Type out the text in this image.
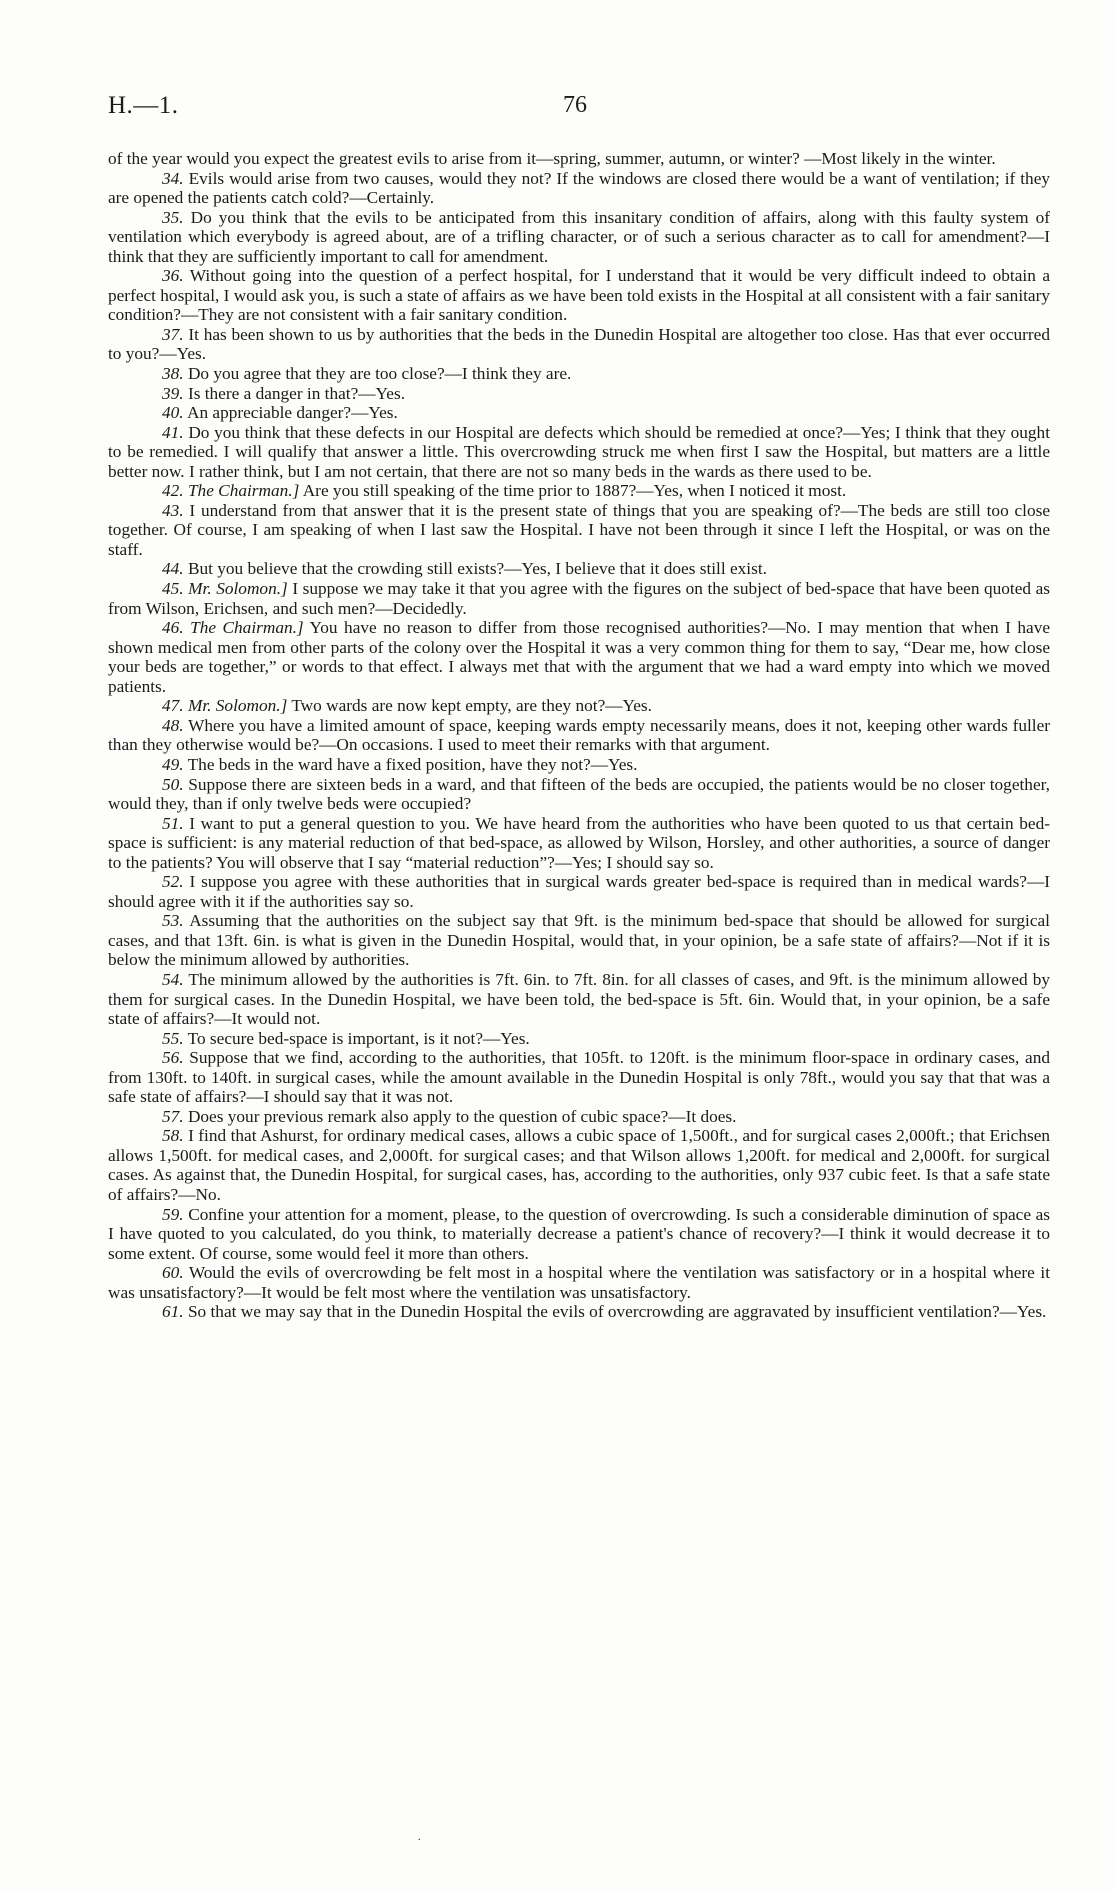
H.—1.	76

of the year would you expect the greatest evils to arise from it—spring, summer, autumn, or winter? —Most likely in the winter.

34. Evils would arise from two causes, would they not? If the windows are closed there would be a want of ventilation; if they are opened the patients catch cold?—Certainly.

35. Do you think that the evils to be anticipated from this insanitary condition of affairs, along with this faulty system of ventilation which everybody is agreed about, are of a trifling character, or of such a serious character as to call for amendment?—I think that they are sufficiently important to call for amendment.

36. Without going into the question of a perfect hospital, for I understand that it would be very difficult indeed to obtain a perfect hospital, I would ask you, is such a state of affairs as we have been told exists in the Hospital at all consistent with a fair sanitary condition?—They are not consistent with a fair sanitary condition.

37. It has been shown to us by authorities that the beds in the Dunedin Hospital are altogether too close. Has that ever occurred to you?—Yes.

38. Do you agree that they are too close?—I think they are.

39. Is there a danger in that?—Yes.

40. An appreciable danger?—Yes.

41. Do you think that these defects in our Hospital are defects which should be remedied at once?—Yes; I think that they ought to be remedied. I will qualify that answer a little. This overcrowding struck me when first I saw the Hospital, but matters are a little better now. I rather think, but I am not certain, that there are not so many beds in the wards as there used to be.

42. The Chairman.] Are you still speaking of the time prior to 1887?—Yes, when I noticed it most.

43. I understand from that answer that it is the present state of things that you are speaking of?—The beds are still too close together. Of course, I am speaking of when I last saw the Hospital. I have not been through it since I left the Hospital, or was on the staff.

44. But you believe that the crowding still exists?—Yes, I believe that it does still exist.

45. Mr. Solomon.] I suppose we may take it that you agree with the figures on the subject of bed-space that have been quoted as from Wilson, Erichsen, and such men?—Decidedly.

46. The Chairman.] You have no reason to differ from those recognised authorities?—No. I may mention that when I have shown medical men from other parts of the colony over the Hospital it was a very common thing for them to say, “Dear me, how close your beds are together,” or words to that effect. I always met that with the argument that we had a ward empty into which we moved patients.

47. Mr. Solomon.] Two wards are now kept empty, are they not?—Yes.

48. Where you have a limited amount of space, keeping wards empty necessarily means, does it not, keeping other wards fuller than they otherwise would be?—On occasions. I used to meet their remarks with that argument.

49. The beds in the ward have a fixed position, have they not?—Yes.

50. Suppose there are sixteen beds in a ward, and that fifteen of the beds are occupied, the patients would be no closer together, would they, than if only twelve beds were occupied?

51. I want to put a general question to you. We have heard from the authorities who have been quoted to us that certain bed-space is sufficient: is any material reduction of that bed-space, as allowed by Wilson, Horsley, and other authorities, a source of danger to the patients? You will observe that I say “material reduction”?—Yes; I should say so.

52. I suppose you agree with these authorities that in surgical wards greater bed-space is required than in medical wards?—I should agree with it if the authorities say so.

53. Assuming that the authorities on the subject say that 9ft. is the minimum bed-space that should be allowed for surgical cases, and that 13ft. 6in. is what is given in the Dunedin Hospital, would that, in your opinion, be a safe state of affairs?—Not if it is below the minimum allowed by authorities.

54. The minimum allowed by the authorities is 7ft. 6in. to 7ft. 8in. for all classes of cases, and 9ft. is the minimum allowed by them for surgical cases. In the Dunedin Hospital, we have been told, the bed-space is 5ft. 6in. Would that, in your opinion, be a safe state of affairs?—It would not.

55. To secure bed-space is important, is it not?—Yes.

56. Suppose that we find, according to the authorities, that 105ft. to 120ft. is the minimum floor-space in ordinary cases, and from 130ft. to 140ft. in surgical cases, while the amount available in the Dunedin Hospital is only 78ft., would you say that that was a safe state of affairs?—I should say that it was not.

57. Does your previous remark also apply to the question of cubic space?—It does.

58. I find that Ashurst, for ordinary medical cases, allows a cubic space of 1,500ft., and for surgical cases 2,000ft.; that Erichsen allows 1,500ft. for medical cases, and 2,000ft. for surgical cases; and that Wilson allows 1,200ft. for medical and 2,000ft. for surgical cases. As against that, the Dunedin Hospital, for surgical cases, has, according to the authorities, only 937 cubic feet. Is that a safe state of affairs?—No.

59. Confine your attention for a moment, please, to the question of overcrowding. Is such a considerable diminution of space as I have quoted to you calculated, do you think, to materially decrease a patient's chance of recovery?—I think it would decrease it to some extent. Of course, some would feel it more than others.

60. Would the evils of overcrowding be felt most in a hospital where the ventilation was satisfactory or in a hospital where it was unsatisfactory?—It would be felt most where the ventilation was unsatisfactory.

61. So that we may say that in the Dunedin Hospital the evils of overcrowding are aggravated by insufficient ventilation?—Yes.

.
